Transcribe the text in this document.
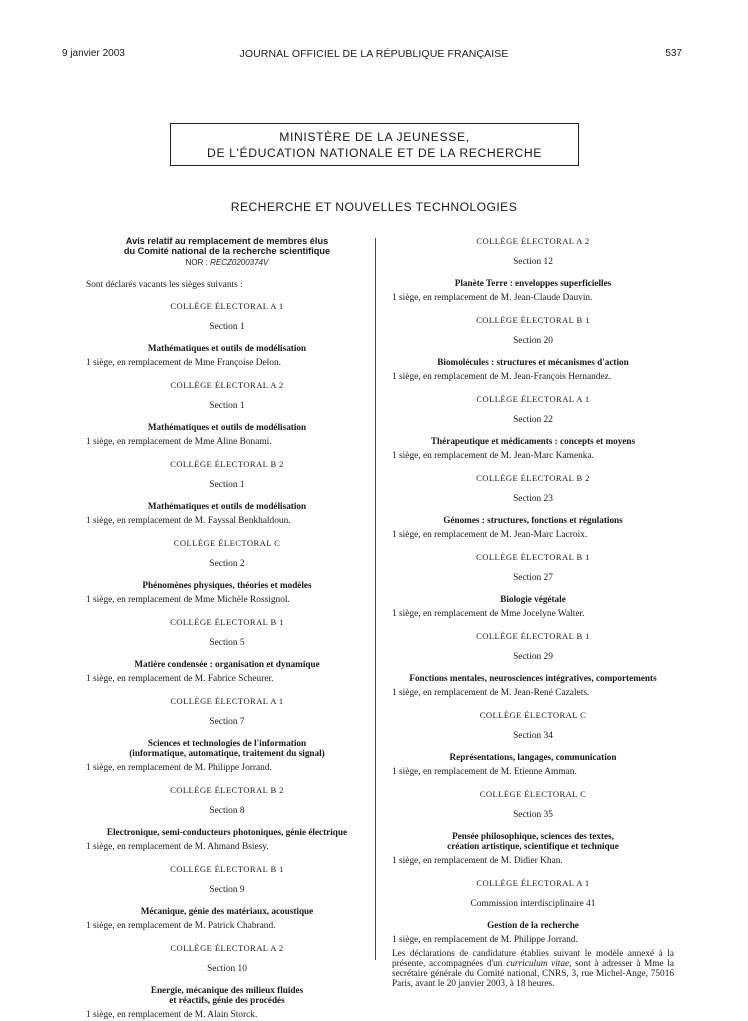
9 janvier 2003	JOURNAL OFFICIEL DE LA RÉPUBLIQUE FRANÇAISE	537
MINISTÈRE DE LA JEUNESSE,
DE L'ÉDUCATION NATIONALE ET DE LA RECHERCHE
RECHERCHE ET NOUVELLES TECHNOLOGIES
Avis relatif au remplacement de membres élus
du Comité national de la recherche scientifique
NOR : RECZ0200374V
Sont déclarés vacants les sièges suivants :
COLLÈGE ÉLECTORAL A 1
Section 1
Mathématiques et outils de modélisation
1 siège, en remplacement de Mme Françoise Delon.
COLLÈGE ÉLECTORAL A 2
Section 1
Mathématiques et outils de modélisation
1 siège, en remplacement de Mme Aline Bonami.
COLLÈGE ÉLECTORAL B 2
Section 1
Mathématiques et outils de modélisation
1 siège, en remplacement de M. Fayssal Benkhaldoun.
COLLÈGE ÉLECTORAL C
Section 2
Phénomènes physiques, théories et modèles
1 siège, en remplacement de Mme Michèle Rossignol.
COLLÈGE ÉLECTORAL B 1
Section 5
Matière condensée : organisation et dynamique
1 siège, en remplacement de M. Fabrice Scheurer.
COLLÈGE ÉLECTORAL A 1
Section 7
Sciences et technologies de l'information
(informatique, automatique, traitement du signal)
1 siège, en remplacement de M. Philippe Jorrand.
COLLÈGE ÉLECTORAL B 2
Section 8
Electronique, semi-conducteurs photoniques, génie électrique
1 siège, en remplacement de M. Ahmand Bsiesy.
COLLÈGE ÉLECTORAL B 1
Section 9
Mécanique, génie des matériaux, acoustique
1 siège, en remplacement de M. Patrick Chabrand.
COLLÈGE ÉLECTORAL A 2
Section 10
Energie, mécanique des milieux fluides
et réactifs, génie des procédés
1 siège, en remplacement de M. Alain Storck.
COLLÈGE ÉLECTORAL A 2
Section 12
Planète Terre : enveloppes superficielles
1 siège, en remplacement de M. Jean-Claude Dauvin.
COLLÈGE ÉLECTORAL B 1
Section 20
Biomolécules : structures et mécanismes d'action
1 siège, en remplacement de M. Jean-François Hernandez.
COLLÈGE ÉLECTORAL A 1
Section 22
Thérapeutique et médicaments : concepts et moyens
1 siège, en remplacement de M. Jean-Marc Kamenka.
COLLÈGE ÉLECTORAL B 2
Section 23
Génomes : structures, fonctions et régulations
1 siège, en remplacement de M. Jean-Marc Lacroix.
COLLÈGE ÉLECTORAL B 1
Section 27
Biologie végétale
1 siège, en remplacement de Mme Jocelyne Walter.
COLLÈGE ÉLECTORAL B 1
Section 29
Fonctions mentales, neurosciences intégratives, comportements
1 siège, en remplacement de M. Jean-René Cazalets.
COLLÈGE ÉLECTORAL C
Section 34
Représentations, langages, communication
1 siège, en remplacement de M. Etienne Amman.
COLLÈGE ÉLECTORAL C
Section 35
Pensée philosophique, sciences des textes,
création artistique, scientifique et technique
1 siège, en remplacement de M. Didier Khan.
COLLÈGE ÉLECTORAL A 1
Commission interdisciplinaire 41
Gestion de la recherche
1 siège, en remplacement de M. Philippe Jorrand.
Les déclarations de candidature établies suivant le modèle annexé à la présente, accompagnées d'un curriculum vitae, sont à adresser à Mme la secrétaire générale du Comité national, CNRS, 3, rue Michel-Ange, 75016 Paris, avant le 20 janvier 2003, à 18 heures.
